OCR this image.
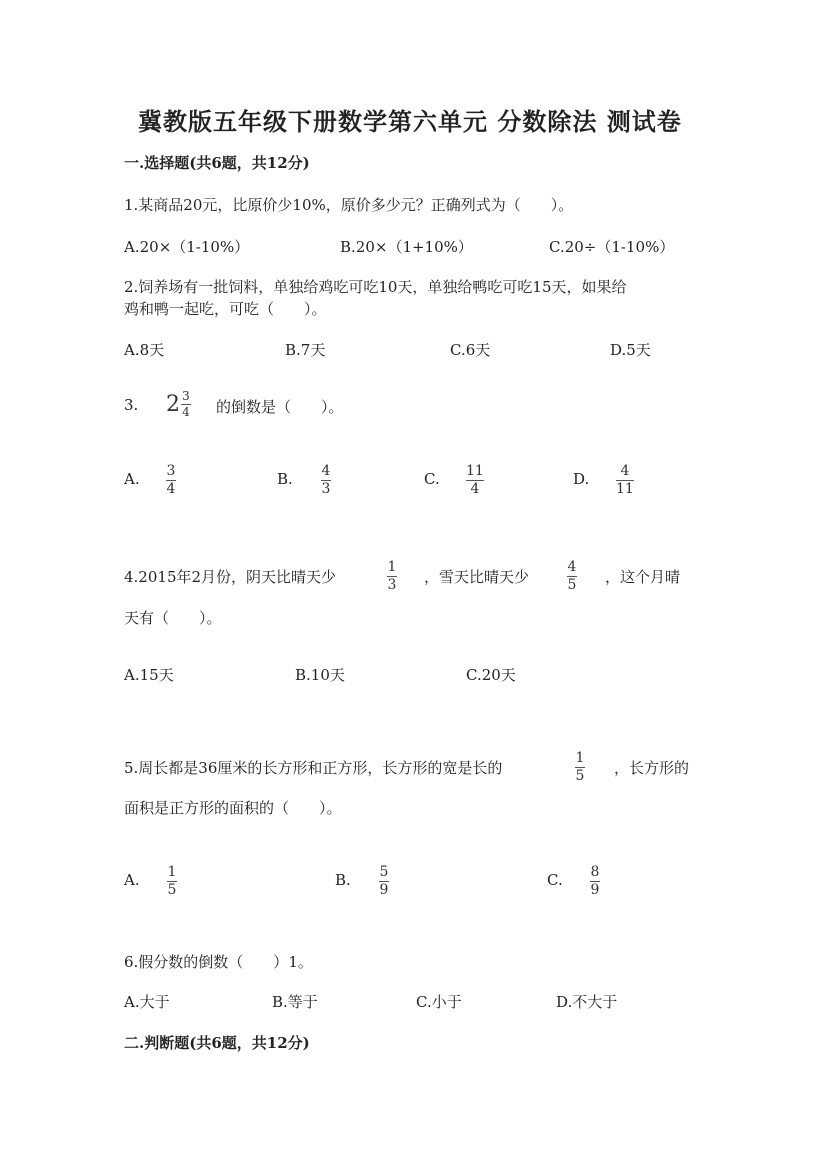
冀教版五年级下册数学第六单元 分数除法 测试卷
一.选择题(共6题，共12分)
1.某商品20元，比原价少10%，原价多少元？正确列式为（　　）。
A.20×（1-10%）	B.20×（1+10%）	C.20÷（1-10%）
2.饲养场有一批饲料，单独给鸡吃可吃10天，单独给鸭吃可吃15天，如果给
鸡和鸭一起吃，可吃（　　）。
A.8天	B.7天	C.6天	D.5天
3. $2 \frac{3}{4}$ 的倒数是（　　）。
A. 3
4
B. 4
3
C. 11
4
D. 4
11
4.2015年2月份，阴天比晴天少
1
3 ，雪天比晴天少
4
5 ，这个月晴
天有（　　）。
A.15天	B.10天	C.20天
5.周长都是36厘米的长方形和正方形，长方形的宽是长的
1
5 ，长方形的
面积是正方形的面积的（　　）。
A. 1
5
B. 5
9
C. 8
9
6.假分数的倒数（　　）1。
A.大于	B.等于	C.小于	D.不大于
二.判断题(共6题，共12分)
